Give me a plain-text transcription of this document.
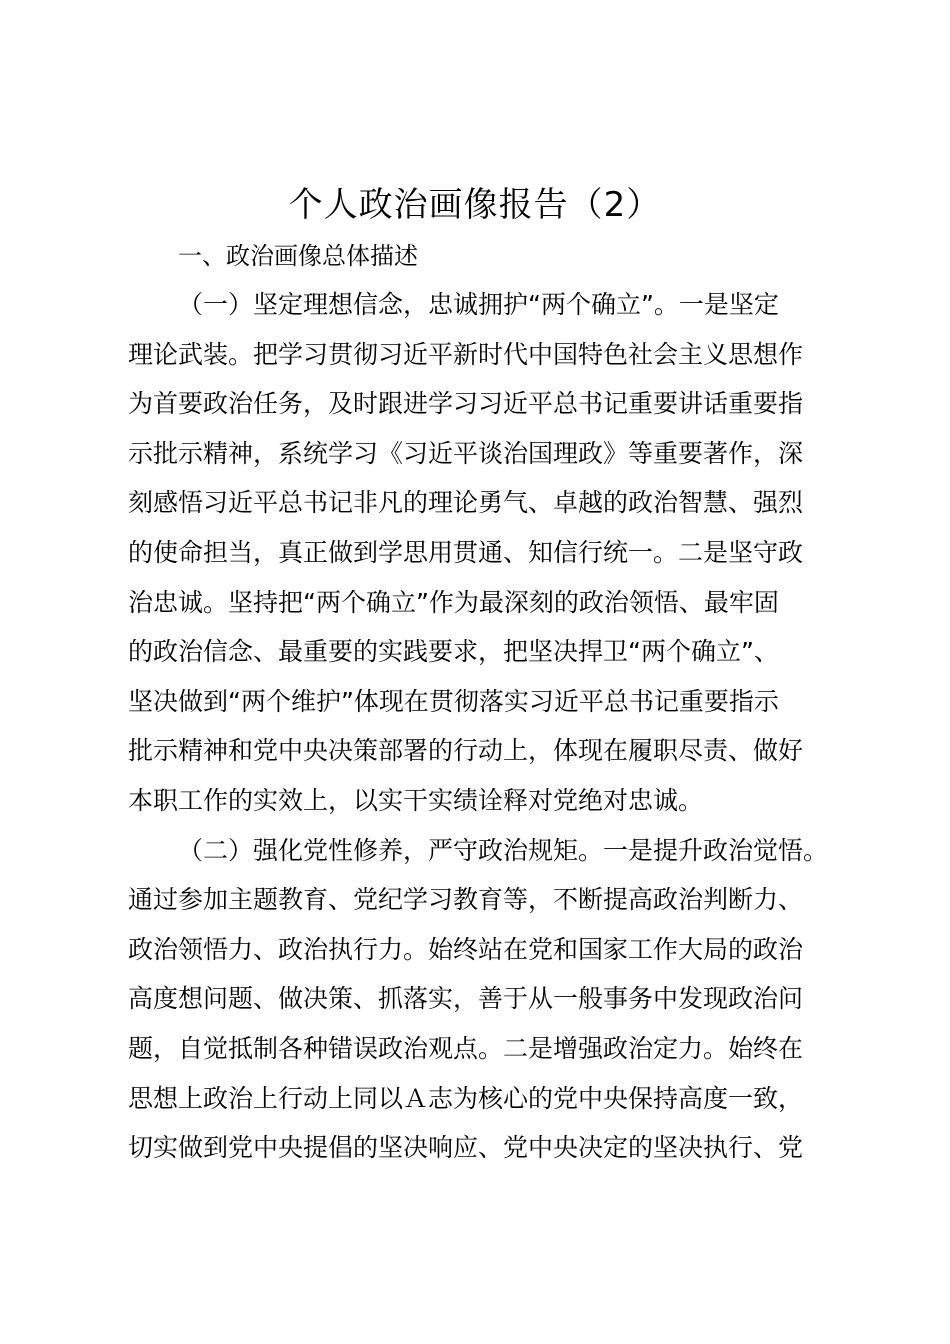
个人政治画像报告（2）
一、政治画像总体描述
（一）坚定理想信念，忠诚拥护“两个确立”。一是坚定
理论武装。把学习贯彻习近平新时代中国特色社会主义思想作
为首要政治任务，及时跟进学习习近平总书记重要讲话重要指
示批示精神，系统学习《习近平谈治国理政》等重要著作，深
刻感悟习近平总书记非凡的理论勇气、卓越的政治智慧、强烈
的使命担当，真正做到学思用贯通、知信行统一。二是坚守政
治忠诚。坚持把“两个确立”作为最深刻的政治领悟、最牢固
的政治信念、最重要的实践要求，把坚决捍卫“两个确立”、
坚决做到“两个维护”体现在贯彻落实习近平总书记重要指示
批示精神和党中央决策部署的行动上，体现在履职尽责、做好
本职工作的实效上，以实干实绩诠释对党绝对忠诚。
（二）强化党性修养，严守政治规矩。一是提升政治觉悟。
通过参加主题教育、党纪学习教育等，不断提高政治判断力、
政治领悟力、政治执行力。始终站在党和国家工作大局的政治
高度想问题、做决策、抓落实，善于从一般事务中发现政治问
题，自觉抵制各种错误政治观点。二是增强政治定力。始终在
思想上政治上行动上同以Ａ志为核心的党中央保持高度一致，
切实做到党中央提倡的坚决响应、党中央决定的坚决执行、党
